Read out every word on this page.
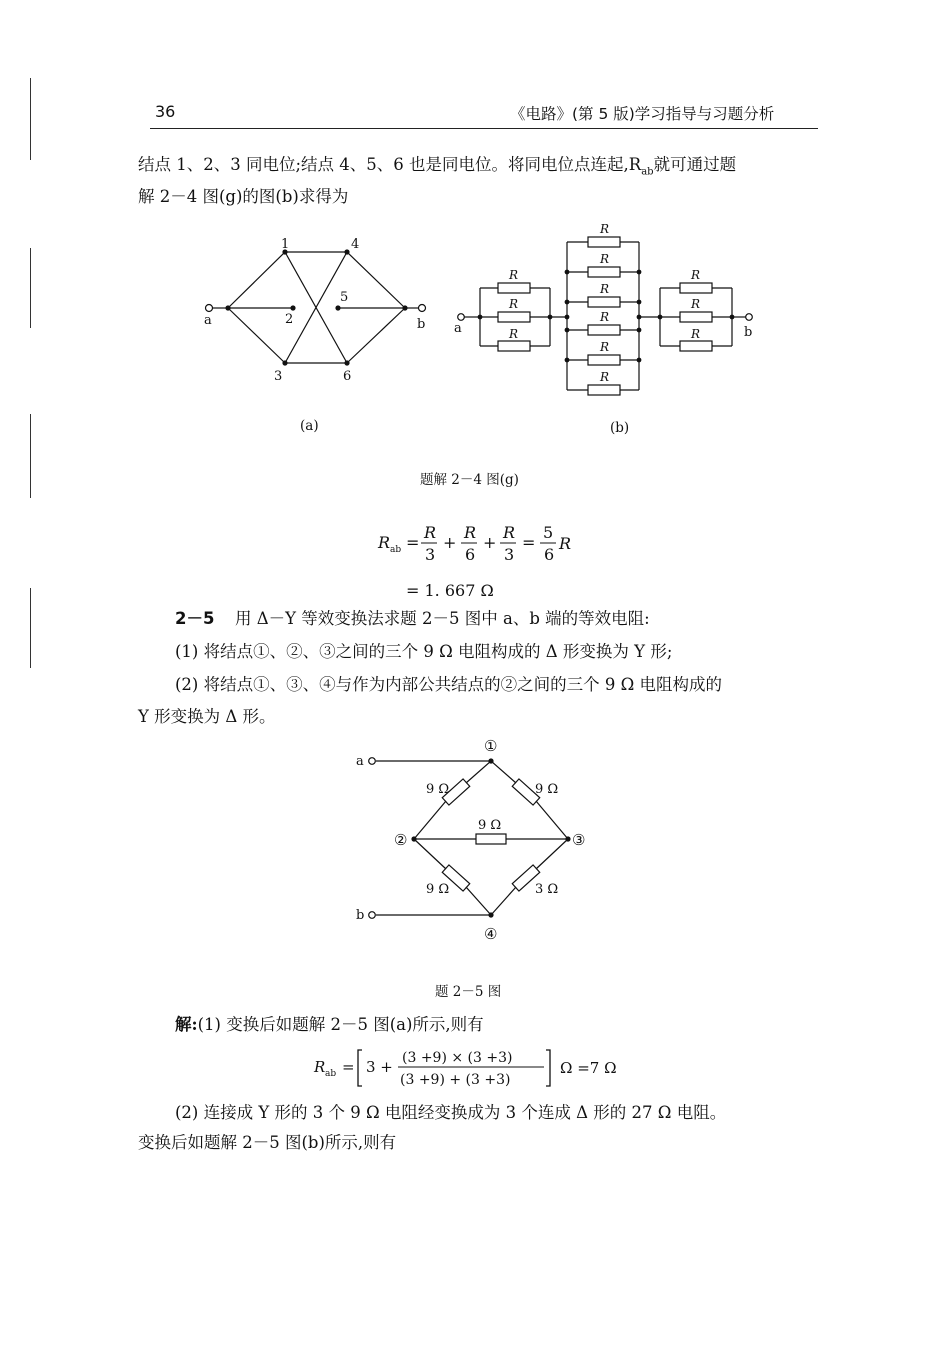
36	《电路》(第 5 版)学习指导与习题分析
结点 1、2、3 同电位;结点 4、5、6 也是同电位。将同电位点连起$,R_{ab}$就可通过题
解 2－4 图(g)的图(b)求得为
1	4
5
2
3	6
a	b
R
R
R
R
R
R
R
R
R
R
R
R
a	b
(a)	(b)
题解 2－4 图(g)
R ab =
R
3
+
R
6
+
R
3
=
5
6
R
= 1. 667 Ω
2－5 用 Δ－Y 等效变换法求题 2－5 图中 a、b 端的等效电阻:
(1) 将结点①、②、③之间的三个 9 Ω 电阻构成的 Δ 形变换为 Y 形;
(2) 将结点①、③、④与作为内部公共结点的②之间的三个 9 Ω 电阻构成的
Y 形变换为 Δ 形。
a
b
①
②	③
④
9 Ω	9 Ω
9 Ω
9 Ω	3 Ω
题 2－5 图
解:(1) 变换后如题解 2－5 图(a)所示,则有
R ab = 3 + (3 +9) × (3 +3)
(3 +9) + (3 +3)
Ω =7 Ω
(2) 连接成 Y 形的 3 个 9 Ω 电阻经变换成为 3 个连成 Δ 形的 27 Ω 电阻。
变换后如题解 2－5 图(b)所示,则有
